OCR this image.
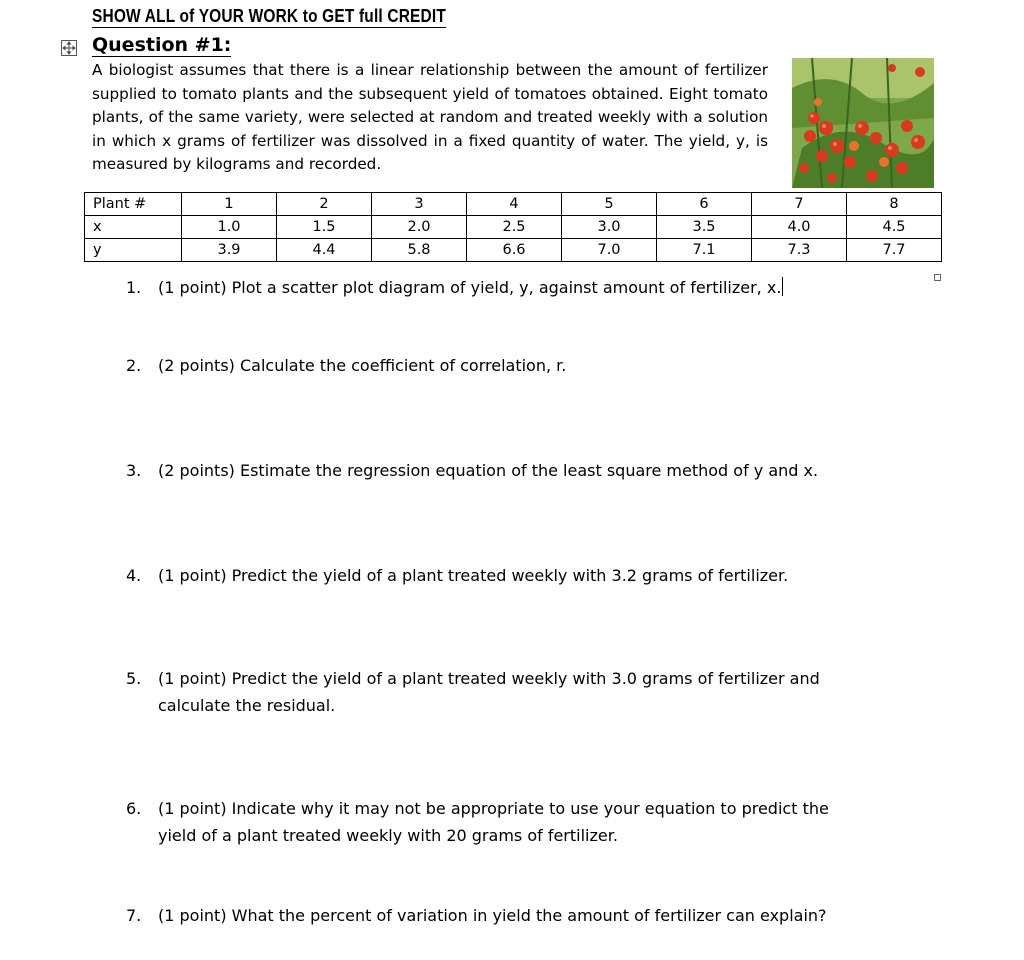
SHOW ALL of YOUR WORK to GET full CREDIT
Question #1:
A biologist assumes that there is a linear relationship between the amount of fertilizer supplied to tomato plants and the subsequent yield of tomatoes obtained. Eight tomato plants, of the same variety, were selected at random and treated weekly with a solution in which x grams of fertilizer was dissolved in a fixed quantity of water. The yield, y, is measured by kilograms and recorded.
Plant #	1	2	3	4	5	6	7	8
x	1.0	1.5	2.0	2.5	3.0	3.5	4.0	4.5
y	3.9	4.4	5.8	6.6	7.0	7.1	7.3	7.7
1.	(1 point) Plot a scatter plot diagram of yield, y, against amount of fertilizer, x.
2.	(2 points) Calculate the coefficient of correlation, r.
3.	(2 points) Estimate the regression equation of the least square method of y and x.
4.	(1 point) Predict the yield of a plant treated weekly with 3.2 grams of fertilizer.
5.	(1 point) Predict the yield of a plant treated weekly with 3.0 grams of fertilizer and
calculate the residual.
6.	(1 point) Indicate why it may not be appropriate to use your equation to predict the
yield of a plant treated weekly with 20 grams of fertilizer.
7.	(1 point) What the percent of variation in yield the amount of fertilizer can explain?
